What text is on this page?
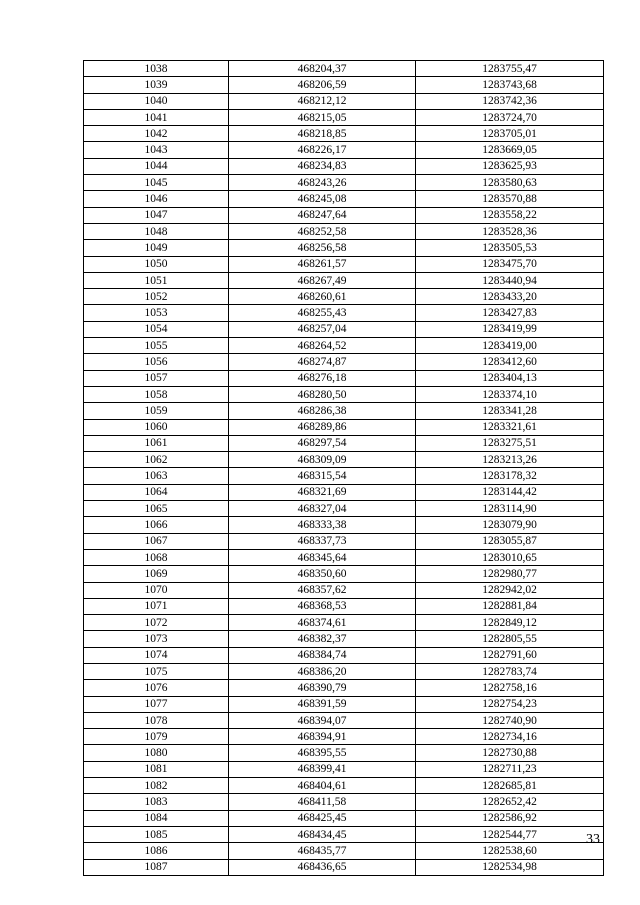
1038	468204,37	1283755,47
1039	468206,59	1283743,68
1040	468212,12	1283742,36
1041	468215,05	1283724,70
1042	468218,85	1283705,01
1043	468226,17	1283669,05
1044	468234,83	1283625,93
1045	468243,26	1283580,63
1046	468245,08	1283570,88
1047	468247,64	1283558,22
1048	468252,58	1283528,36
1049	468256,58	1283505,53
1050	468261,57	1283475,70
1051	468267,49	1283440,94
1052	468260,61	1283433,20
1053	468255,43	1283427,83
1054	468257,04	1283419,99
1055	468264,52	1283419,00
1056	468274,87	1283412,60
1057	468276,18	1283404,13
1058	468280,50	1283374,10
1059	468286,38	1283341,28
1060	468289,86	1283321,61
1061	468297,54	1283275,51
1062	468309,09	1283213,26
1063	468315,54	1283178,32
1064	468321,69	1283144,42
1065	468327,04	1283114,90
1066	468333,38	1283079,90
1067	468337,73	1283055,87
1068	468345,64	1283010,65
1069	468350,60	1282980,77
1070	468357,62	1282942,02
1071	468368,53	1282881,84
1072	468374,61	1282849,12
1073	468382,37	1282805,55
1074	468384,74	1282791,60
1075	468386,20	1282783,74
1076	468390,79	1282758,16
1077	468391,59	1282754,23
1078	468394,07	1282740,90
1079	468394,91	1282734,16
1080	468395,55	1282730,88
1081	468399,41	1282711,23
1082	468404,61	1282685,81
1083	468411,58	1282652,42
1084	468425,45	1282586,92
1085	468434,45	1282544,77
1086	468435,77	1282538,60
1087	468436,65	1282534,98
33
